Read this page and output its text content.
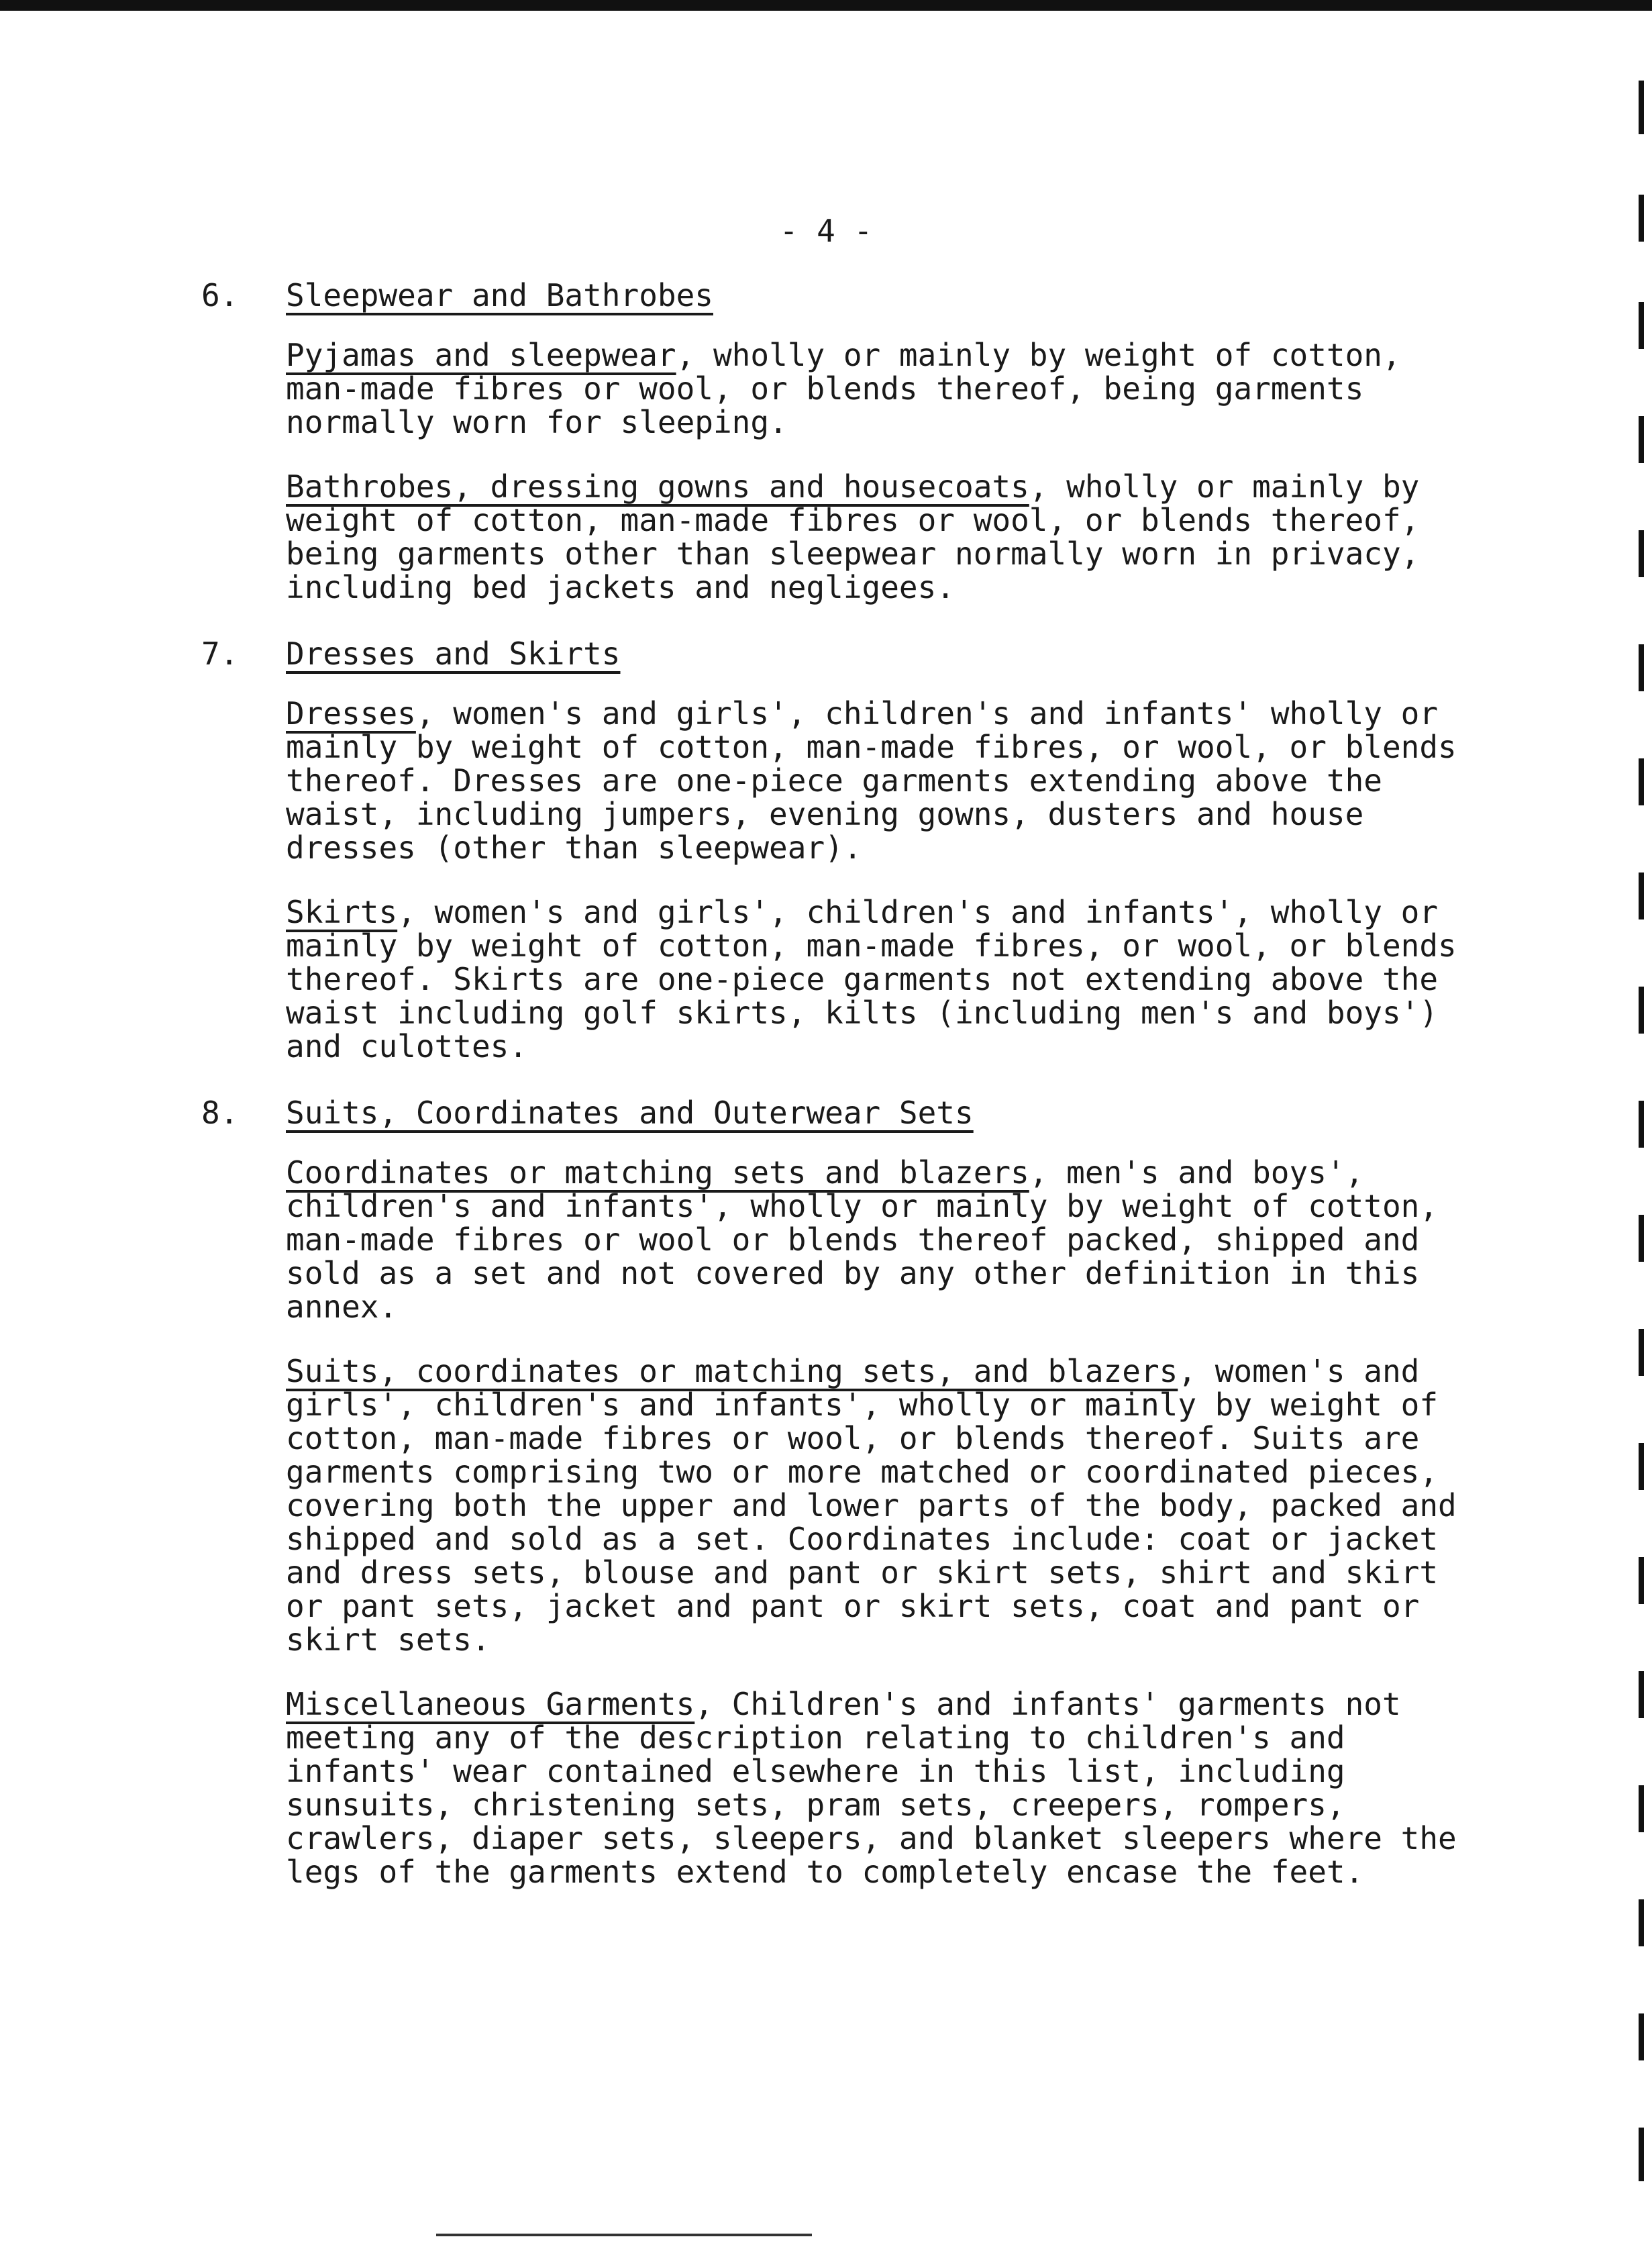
- 4 -
6.	Sleepwear and Bathrobes

Pyjamas and sleepwear, wholly or mainly by weight of cotton, man-made fibres or wool, or blends thereof, being garments normally worn for sleeping.

Bathrobes, dressing gowns and housecoats, wholly or mainly by weight of cotton, man-made fibres or wool, or blends thereof, being garments other than sleepwear normally worn in privacy, including bed jackets and negligees.

7.	Dresses and Skirts

Dresses, women's and girls', children's and infants' wholly or mainly by weight of cotton, man-made fibres, or wool, or blends thereof. Dresses are one-piece garments extending above the waist, including jumpers, evening gowns, dusters and house dresses (other than sleepwear).

Skirts, women's and girls', children's and infants', wholly or mainly by weight of cotton, man-made fibres, or wool, or blends thereof. Skirts are one-piece garments not extending above the waist including golf skirts, kilts (including men's and boys') and culottes.

8.	Suits, Coordinates and Outerwear Sets

Coordinates or matching sets and blazers, men's and boys', children's and infants', wholly or mainly by weight of cotton, man-made fibres or wool or blends thereof packed, shipped and sold as a set and not covered by any other definition in this annex.

Suits, coordinates or matching sets, and blazers, women's and girls', children's and infants', wholly or mainly by weight of cotton, man-made fibres or wool, or blends thereof. Suits are garments comprising two or more matched or coordinated pieces, covering both the upper and lower parts of the body, packed and shipped and sold as a set. Coordinates include: coat or jacket and dress sets, blouse and pant or skirt sets, shirt and skirt or pant sets, jacket and pant or skirt sets, coat and pant or skirt sets.

Miscellaneous Garments, Children's and infants' garments not meeting any of the description relating to children's and infants' wear contained elsewhere in this list, including sunsuits, christening sets, pram sets, creepers, rompers, crawlers, diaper sets, sleepers, and blanket sleepers where the legs of the garments extend to completely encase the feet.
